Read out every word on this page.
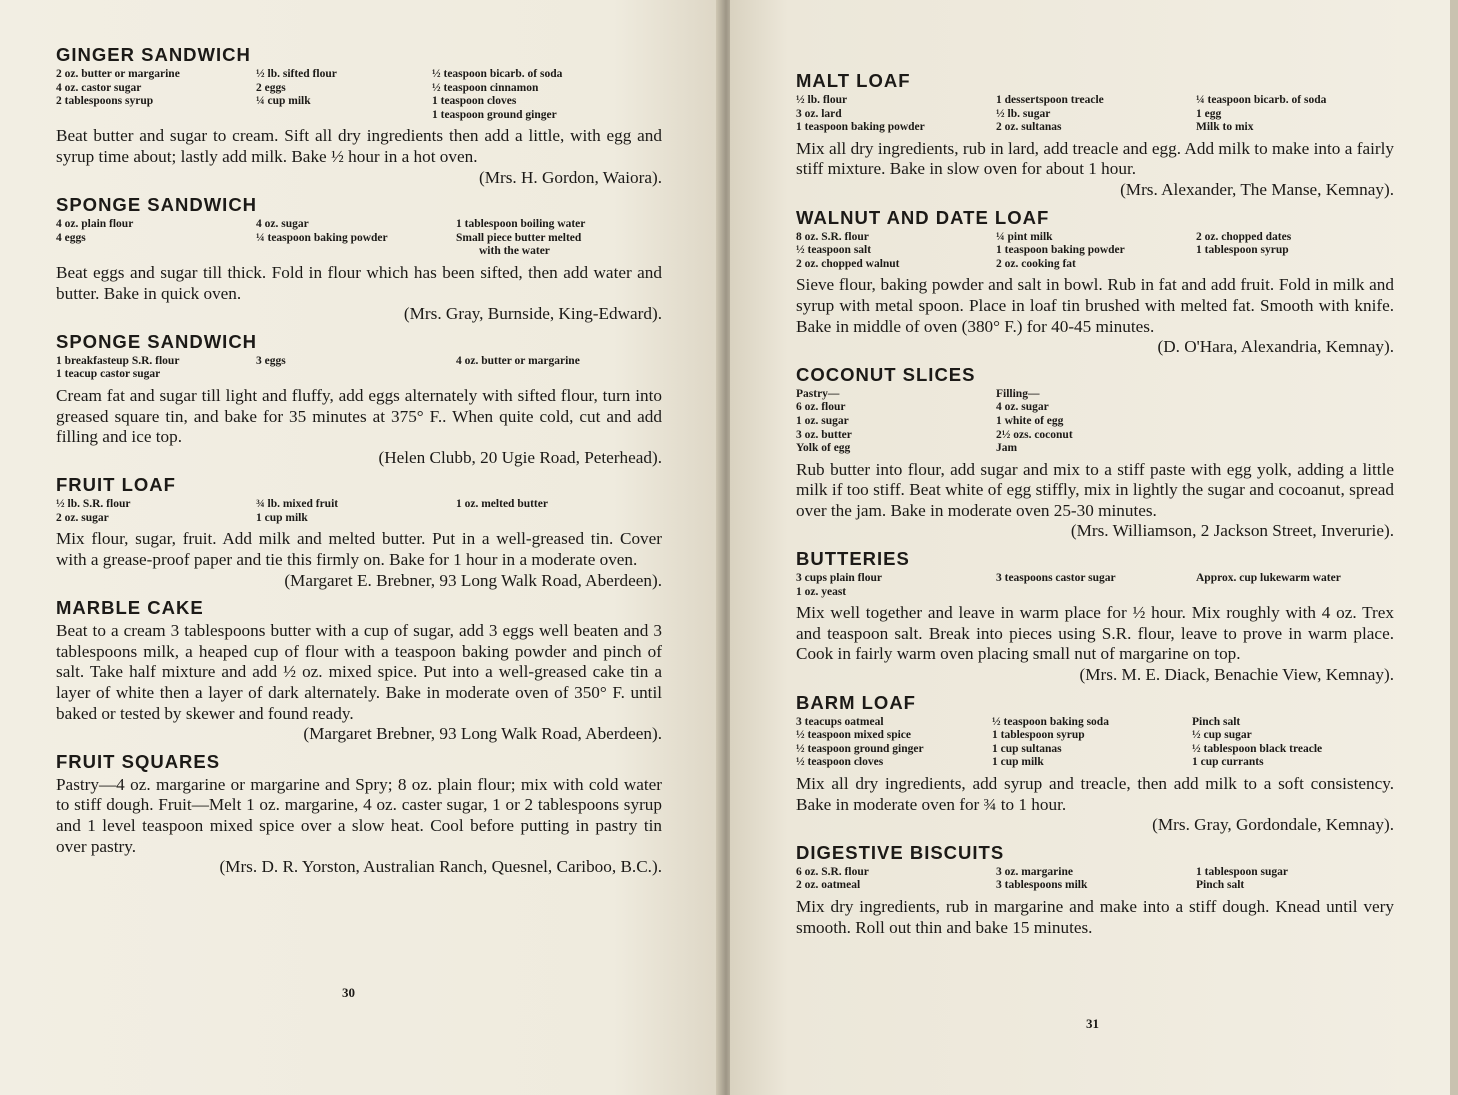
GINGER SANDWICH
2 oz. butter or margarine
4 oz. castor sugar
2 tablespoons syrup
½ lb. sifted flour
2 eggs
¼ cup milk
½ teaspoon bicarb. of soda
½ teaspoon cinnamon
1 teaspoon cloves
1 teaspoon ground ginger

Beat butter and sugar to cream. Sift all dry ingredients then add a little, with egg and syrup time about; lastly add milk. Bake ½ hour in a hot oven.

(Mrs. H. Gordon, Waiora).

SPONGE SANDWICH
4 oz. plain flour
4 eggs
4 oz. sugar
¼ teaspoon baking powder
1 tablespoon boiling water
Small piece butter melted
with the water

Beat eggs and sugar till thick. Fold in flour which has been sifted, then add water and butter. Bake in quick oven.

(Mrs. Gray, Burnside, King-Edward).

SPONGE SANDWICH
1 breakfasteup S.R. flour
1 teacup castor sugar
3 eggs	4 oz. butter or margarine

Cream fat and sugar till light and fluffy, add eggs alternately with sifted flour, turn into greased square tin, and bake for 35 minutes at 375° F.. When quite cold, cut and add filling and ice top.

(Helen Clubb, 20 Ugie Road, Peterhead).

FRUIT LOAF
½ lb. S.R. flour
2 oz. sugar
¾ lb. mixed fruit
1 cup milk
1 oz. melted butter

Mix flour, sugar, fruit. Add milk and melted butter. Put in a well-greased tin. Cover with a grease-proof paper and tie this firmly on. Bake for 1 hour in a moderate oven.

(Margaret E. Brebner, 93 Long Walk Road, Aberdeen).

MARBLE CAKE

Beat to a cream 3 tablespoons butter with a cup of sugar, add 3 eggs well beaten and 3 tablespoons milk, a heaped cup of flour with a teaspoon baking powder and pinch of salt. Take half mixture and add ½ oz. mixed spice. Put into a well-greased cake tin a layer of white then a layer of dark alternately. Bake in moderate oven of 350° F. until baked or tested by skewer and found ready.

(Margaret Brebner, 93 Long Walk Road, Aberdeen).

FRUIT SQUARES

Pastry—4 oz. margarine or margarine and Spry; 8 oz. plain flour; mix with cold water to stiff dough. Fruit—Melt 1 oz. margarine, 4 oz. caster sugar, 1 or 2 tablespoons syrup and 1 level teaspoon mixed spice over a slow heat. Cool before putting in pastry tin over pastry.

(Mrs. D. R. Yorston, Australian Ranch, Quesnel, Cariboo, B.C.).

30
MALT LOAF
½ lb. flour
3 oz. lard
1 teaspoon baking powder
1 dessertspoon treacle
½ lb. sugar
2 oz. sultanas
¼ teaspoon bicarb. of soda
1 egg
Milk to mix

Mix all dry ingredients, rub in lard, add treacle and egg. Add milk to make into a fairly stiff mixture. Bake in slow oven for about 1 hour.

(Mrs. Alexander, The Manse, Kemnay).

WALNUT AND DATE LOAF
8 oz. S.R. flour
½ teaspoon salt
2 oz. chopped walnut
¼ pint milk
1 teaspoon baking powder
2 oz. cooking fat
2 oz. chopped dates
1 tablespoon syrup

Sieve flour, baking powder and salt in bowl. Rub in fat and add fruit. Fold in milk and syrup with metal spoon. Place in loaf tin brushed with melted fat. Smooth with knife. Bake in middle of oven (380° F.) for 40-45 minutes.

(D. O'Hara, Alexandria, Kemnay).

COCONUT SLICES
Pastry—
6 oz. flour
1 oz. sugar
3 oz. butter
Yolk of egg
Filling—
4 oz. sugar
1 white of egg
2½ ozs. coconut
Jam

Rub butter into flour, add sugar and mix to a stiff paste with egg yolk, adding a little milk if too stiff. Beat white of egg stiffly, mix in lightly the sugar and cocoanut, spread over the jam. Bake in moderate oven 25-30 minutes.

(Mrs. Williamson, 2 Jackson Street, Inverurie).

BUTTERIES
3 cups plain flour
1 oz. yeast
3 teaspoons castor sugar	Approx. cup lukewarm water

Mix well together and leave in warm place for ½ hour. Mix roughly with 4 oz. Trex and teaspoon salt. Break into pieces using S.R. flour, leave to prove in warm place. Cook in fairly warm oven placing small nut of margarine on top.

(Mrs. M. E. Diack, Benachie View, Kemnay).

BARM LOAF
3 teacups oatmeal
½ teaspoon mixed spice
½ teaspoon ground ginger
½ teaspoon cloves
½ teaspoon baking soda
1 tablespoon syrup
1 cup sultanas
1 cup milk
Pinch salt
½ cup sugar
½ tablespoon black treacle
1 cup currants

Mix all dry ingredients, add syrup and treacle, then add milk to a soft consistency. Bake in moderate oven for ¾ to 1 hour.

(Mrs. Gray, Gordondale, Kemnay).

DIGESTIVE BISCUITS
6 oz. S.R. flour
2 oz. oatmeal
3 oz. margarine
3 tablespoons milk
1 tablespoon sugar
Pinch salt

Mix dry ingredients, rub in margarine and make into a stiff dough. Knead until very smooth. Roll out thin and bake 15 minutes.

31
